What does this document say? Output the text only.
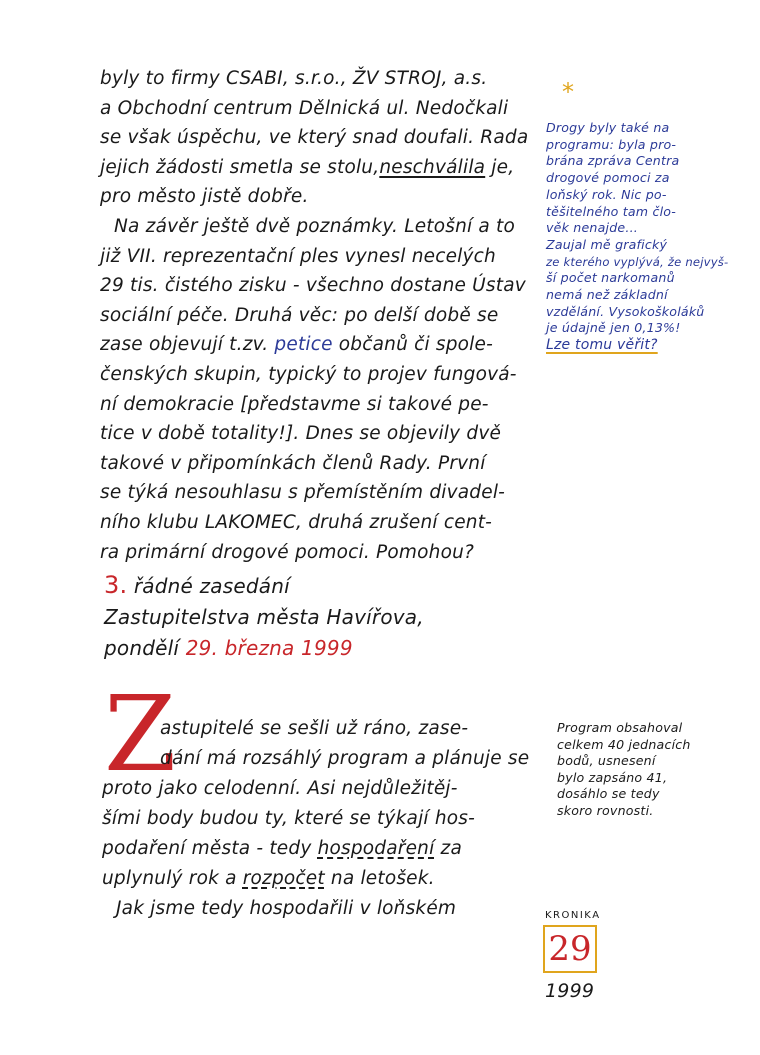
byly to firmy CSABI, s.r.o., ŽV STROJ, a.s.
a Obchodní centrum Dělnická ul. Nedočkali
se však úspěchu, ve který snad doufali. Rada
jejich žádosti smetla se stolu,neschválila je,
pro město jistě dobře.
Na závěr ještě dvě poznámky. Letošní a to
již VII. reprezentační ples vynesl necelých
29 tis. čistého zisku - všechno dostane Ústav
sociální péče. Druhá věc: po delší době se
zase objevují t.zv. petice občanů či spole-
čenských skupin, typický to projev fungová-
ní demokracie [představme si takové pe-
tice v době totality!]. Dnes se objevily dvě
takové v připomínkách členů Rady. První
se týká nesouhlasu s přemístěním divadel-
ního klubu LAKOMEC, druhá zrušení cent-
ra primární drogové pomoci. Pomohou?
*
Drogy byly také na
programu: byla pro-
brána zpráva Centra
drogové pomoci za
loňský rok. Nic po-
těšitelného tam člo-
věk nenajde...
Zaujal mě grafický
ze kterého vyplývá, že nejvyš-
ší počet narkomanů
nemá než základní
vzdělání. Vysokoškoláků
je údajně jen 0,13%!
Lze tomu věřit?
3. řádné zasedání
Zastupitelstva města Havířova,
pondělí 29. března 1999
Z
astupitelé se sešli už ráno, zase-
dání má rozsáhlý program a plánuje se
proto jako celodenní. Asi nejdůležitěj-
šími body budou ty, které se týkají hos-
podaření města - tedy hospodaření za
uplynulý rok a rozpočet na letošek.
Jak jsme tedy hospodařili v loňském
Program obsahoval
celkem 40 jednacích
bodů, usnesení
bylo zapsáno 41,
dosáhlo se tedy
skoro rovnosti.
KRONIKA
29
1999
